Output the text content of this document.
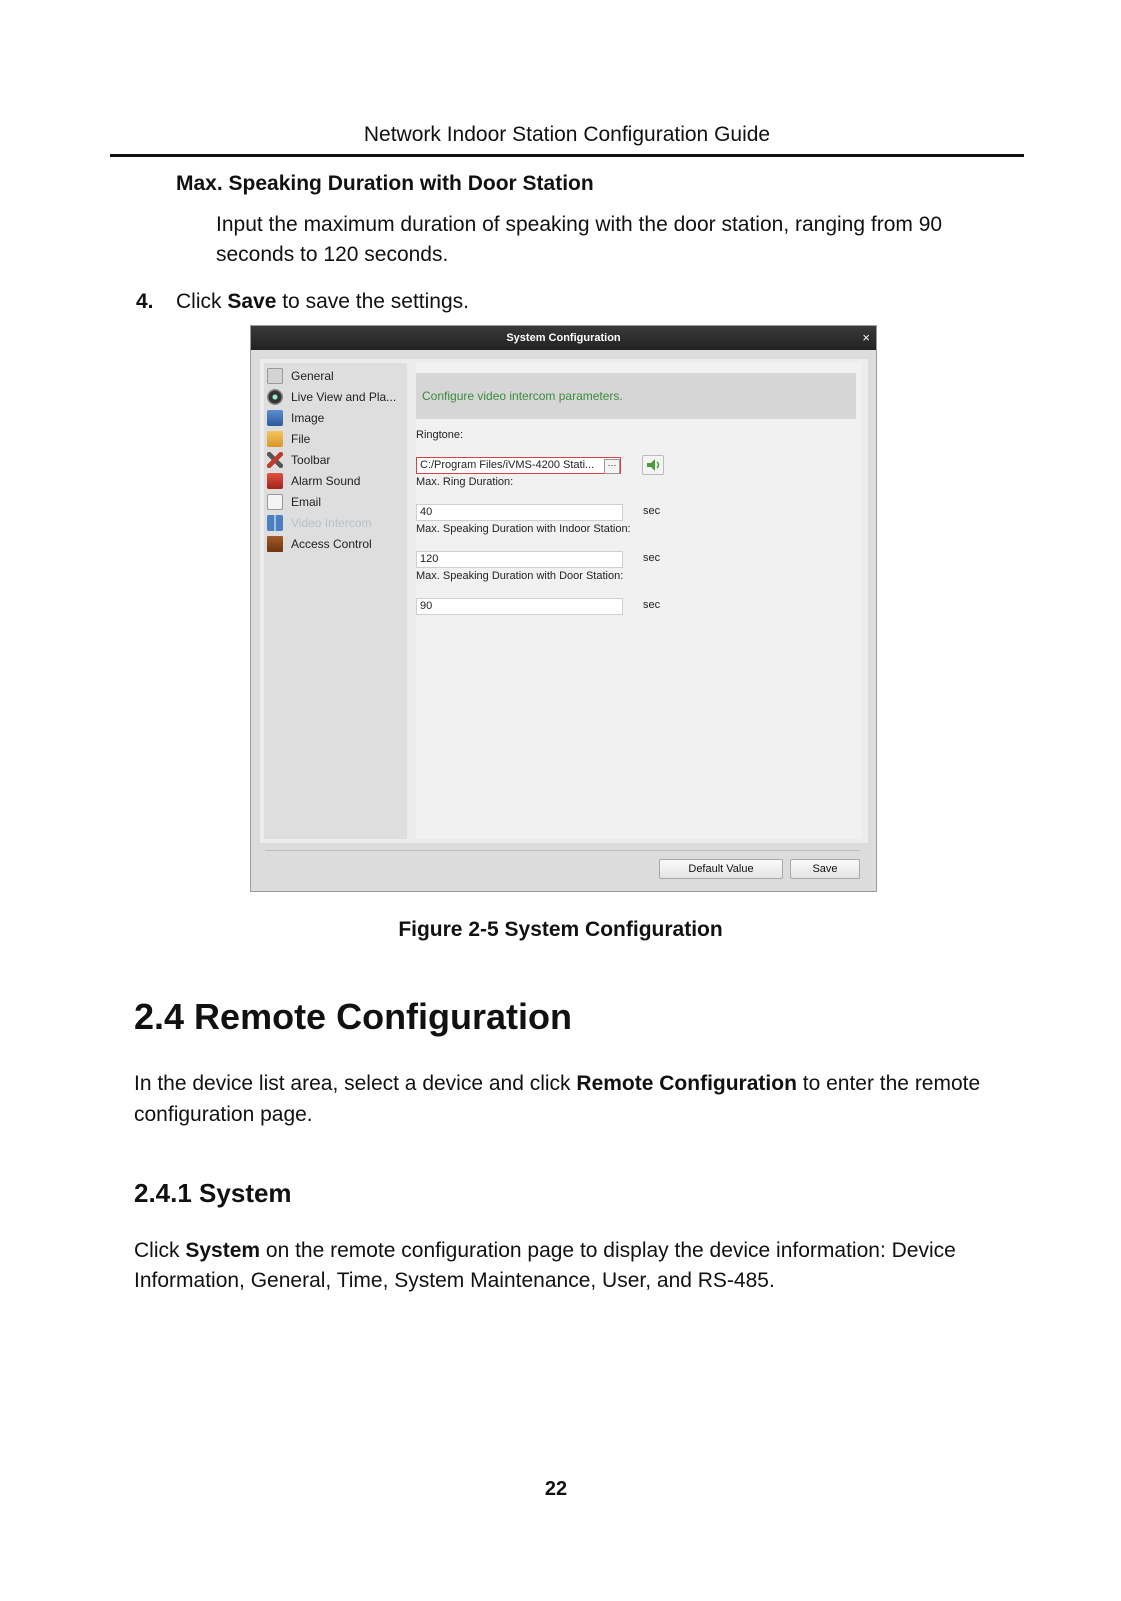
Network Indoor Station Configuration Guide

Max. Speaking Duration with Door Station

Input the maximum duration of speaking with the door station, ranging from 90 seconds to 120 seconds.

4. Click Save to save the settings.

System Configuration	×
General
Live View and Pla...
Image
File
Toolbar
Alarm Sound
Email
Video Intercom
Access Control
Configure video intercom parameters.
Ringtone:
C:/Program Files/iVMS-4200 Stati...	···
Max. Ring Duration:
40	sec
Max. Speaking Duration with Indoor Station:
120	sec
Max. Speaking Duration with Door Station:
90	sec
Default Value	Save
Figure 2-5 System Configuration

2.4 Remote Configuration

In the device list area, select a device and click Remote Configuration to enter the remote configuration page.

2.4.1 System

Click System on the remote configuration page to display the device information: Device Information, General, Time, System Maintenance, User, and RS-485.

22
